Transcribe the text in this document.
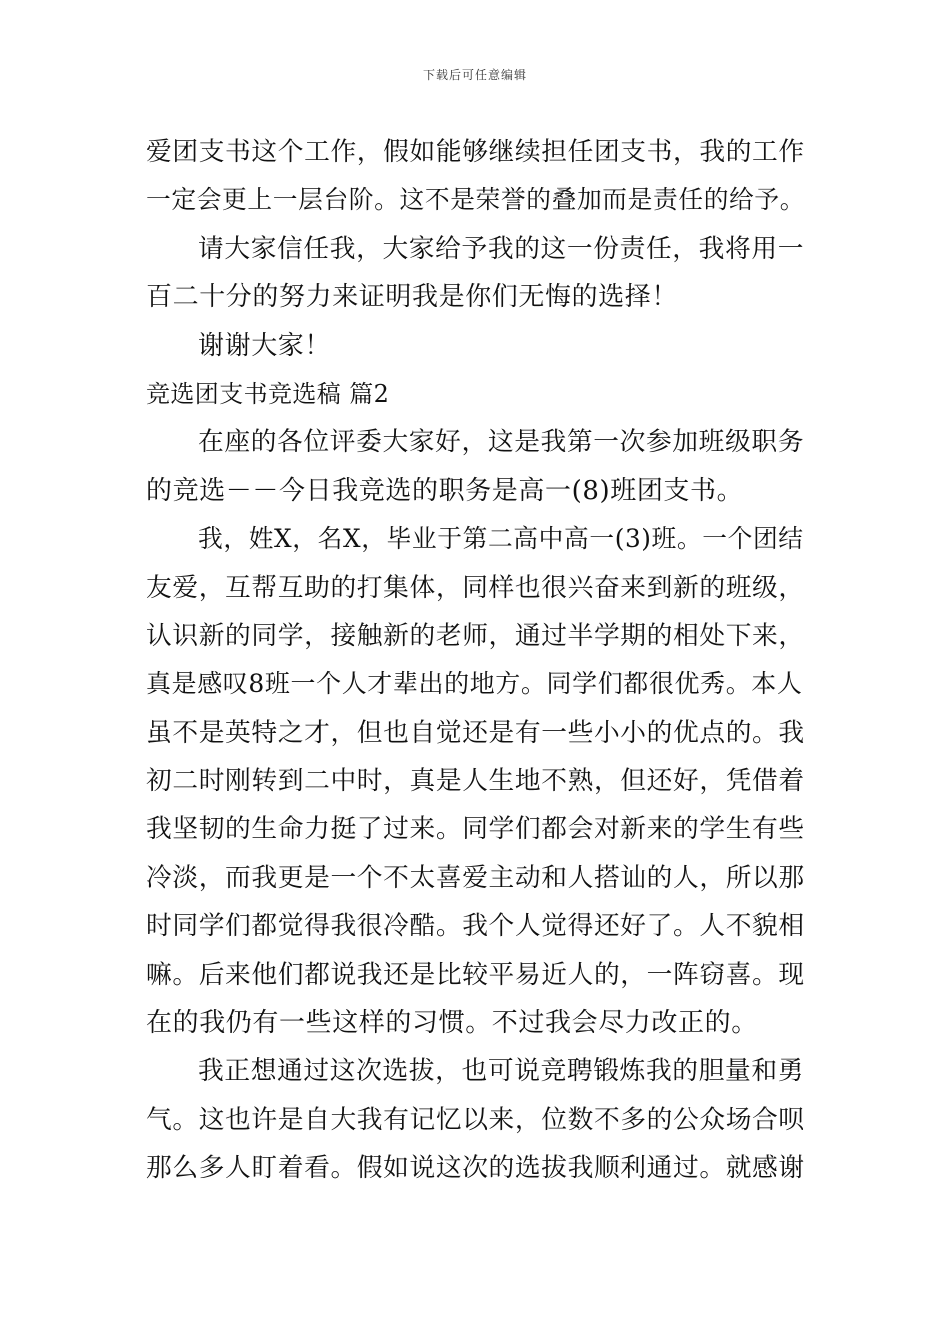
下载后可任意编辑
爱团支书这个工作，假如能够继续担任团支书，我的工作
一定会更上一层台阶。这不是荣誉的叠加而是责任的给予。
请大家信任我，大家给予我的这一份责任，我将用一
百二十分的努力来证明我是你们无悔的选择！
谢谢大家！
竞选团支书竞选稿 篇2
在座的各位评委大家好，这是我第一次参加班级职务
的竞选－－今日我竞选的职务是高一(8)班团支书。
我，姓X，名X，毕业于第二高中高一(3)班。一个团结
友爱，互帮互助的打集体，同样也很兴奋来到新的班级，
认识新的同学，接触新的老师，通过半学期的相处下来，
真是感叹8班一个人才辈出的地方。同学们都很优秀。本人
虽不是英特之才，但也自觉还是有一些小小的优点的。我
初二时刚转到二中时，真是人生地不熟，但还好，凭借着
我坚韧的生命力挺了过来。同学们都会对新来的学生有些
冷淡，而我更是一个不太喜爱主动和人搭讪的人，所以那
时同学们都觉得我很冷酷。我个人觉得还好了。人不貌相
嘛。后来他们都说我还是比较平易近人的，一阵窃喜。现
在的我仍有一些这样的习惯。不过我会尽力改正的。
我正想通过这次选拔，也可说竞聘锻炼我的胆量和勇
气。这也许是自大我有记忆以来，位数不多的公众场合呗
那么多人盯着看。假如说这次的选拔我顺利通过。就感谢
